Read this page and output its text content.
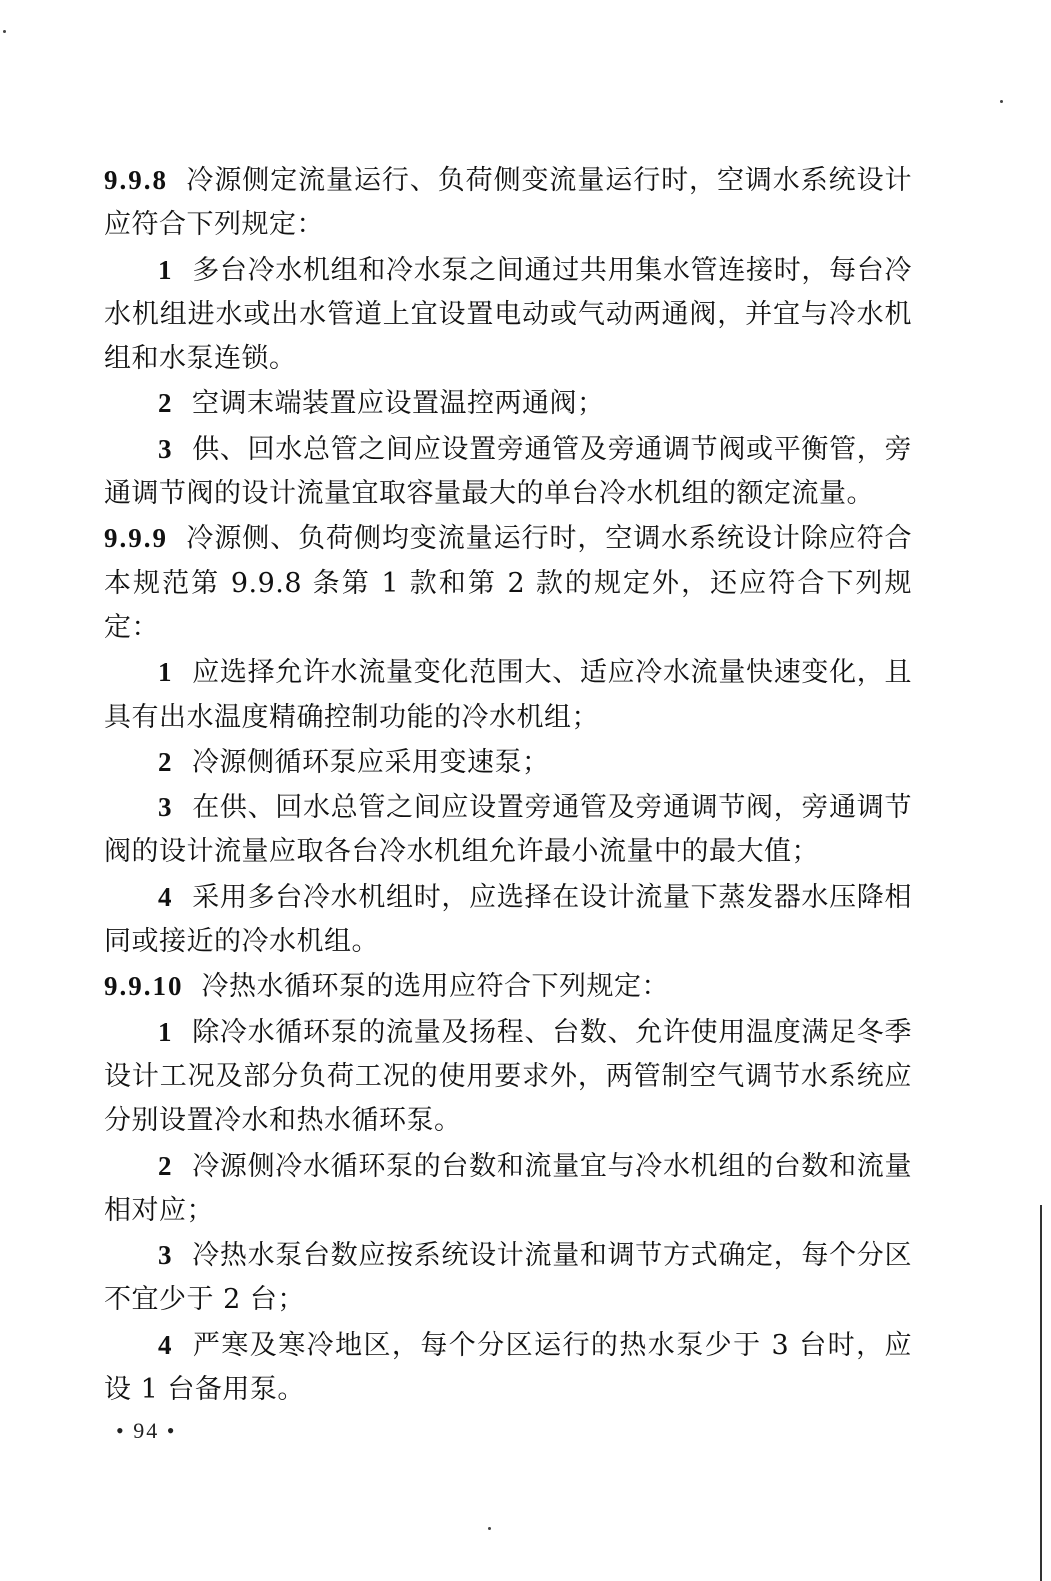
9.9.8 冷源侧定流量运行、负荷侧变流量运行时，空调水系统设计应符合下列规定：

1 多台冷水机组和冷水泵之间通过共用集水管连接时，每台冷水机组进水或出水管道上宜设置电动或气动两通阀，并宜与冷水机组和水泵连锁。

2 空调末端装置应设置温控两通阀；

3 供、回水总管之间应设置旁通管及旁通调节阀或平衡管，旁通调节阀的设计流量宜取容量最大的单台冷水机组的额定流量。

9.9.9 冷源侧、负荷侧均变流量运行时，空调水系统设计除应符合本规范第 9.9.8 条第 1 款和第 2 款的规定外，还应符合下列规定：

1 应选择允许水流量变化范围大、适应冷水流量快速变化，且具有出水温度精确控制功能的冷水机组；

2 冷源侧循环泵应采用变速泵；

3 在供、回水总管之间应设置旁通管及旁通调节阀，旁通调节阀的设计流量应取各台冷水机组允许最小流量中的最大值；

4 采用多台冷水机组时，应选择在设计流量下蒸发器水压降相同或接近的冷水机组。

9.9.10 冷热水循环泵的选用应符合下列规定：

1 除冷水循环泵的流量及扬程、台数、允许使用温度满足冬季设计工况及部分负荷工况的使用要求外，两管制空气调节水系统应分别设置冷水和热水循环泵。

2 冷源侧冷水循环泵的台数和流量宜与冷水机组的台数和流量相对应；

3 冷热水泵台数应按系统设计流量和调节方式确定，每个分区不宜少于 2 台；

4 严寒及寒冷地区，每个分区运行的热水泵少于 3 台时，应设 1 台备用泵。

• 94 •
